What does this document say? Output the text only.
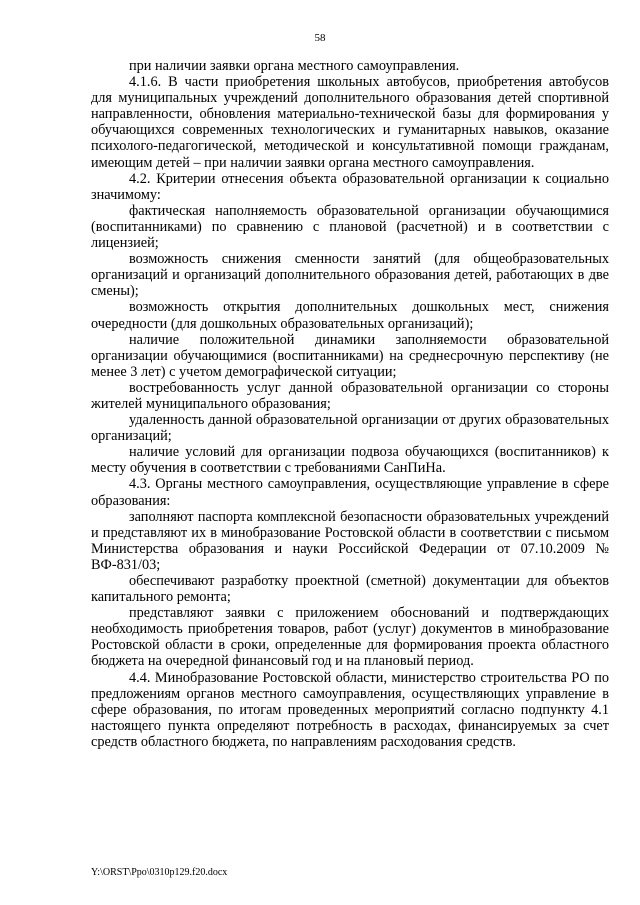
58

при наличии заявки органа местного самоуправления.

4.1.6. В части приобретения школьных автобусов, приобретения автобусов для муниципальных учреждений дополнительного образования детей спортивной направленности, обновления материально-технической базы для формирования у обучающихся современных технологических и гуманитарных навыков, оказание психолого-педагогической, методической и консультативной помощи гражданам, имеющим детей – при наличии заявки органа местного самоуправления.

4.2. Критерии отнесения объекта образовательной организации к социально значимому:

фактическая наполняемость образовательной организации обучающимися (воспитанниками) по сравнению с плановой (расчетной) и в соответствии с лицензией;

возможность снижения сменности занятий (для общеобразовательных организаций и организаций дополнительного образования детей, работающих в две смены);

возможность открытия дополнительных дошкольных мест, снижения очередности (для дошкольных образовательных организаций);

наличие положительной динамики заполняемости образовательной организации обучающимися (воспитанниками) на среднесрочную перспективу (не менее 3 лет) с учетом демографической ситуации;

востребованность услуг данной образовательной организации со стороны жителей муниципального образования;

удаленность данной образовательной организации от других образовательных организаций;

наличие условий для организации подвоза обучающихся (воспитанников) к месту обучения в соответствии с требованиями СанПиНа.

4.3. Органы местного самоуправления, осуществляющие управление в сфере образования:

заполняют паспорта комплексной безопасности образовательных учреждений и представляют их в минобразование Ростовской области в соответствии с письмом Министерства образования и науки Российской Федерации от 07.10.2009 № ВФ-831/03;

обеспечивают разработку проектной (сметной) документации для объектов капитального ремонта;

представляют заявки с приложением обоснований и подтверждающих необходимость приобретения товаров, работ (услуг) документов в минобразование Ростовской области в сроки, определенные для формирования проекта областного бюджета на очередной финансовый год и на плановый период.

4.4. Минобразование Ростовской области, министерство строительства РО по предложениям органов местного самоуправления, осуществляющих управление в сфере образования, по итогам проведенных мероприятий согласно подпункту 4.1 настоящего пункта определяют потребность в расходах, финансируемых за счет средств областного бюджета, по направлениям расходования средств.

Y:\ORST\Ppo\0310p129.f20.docx
